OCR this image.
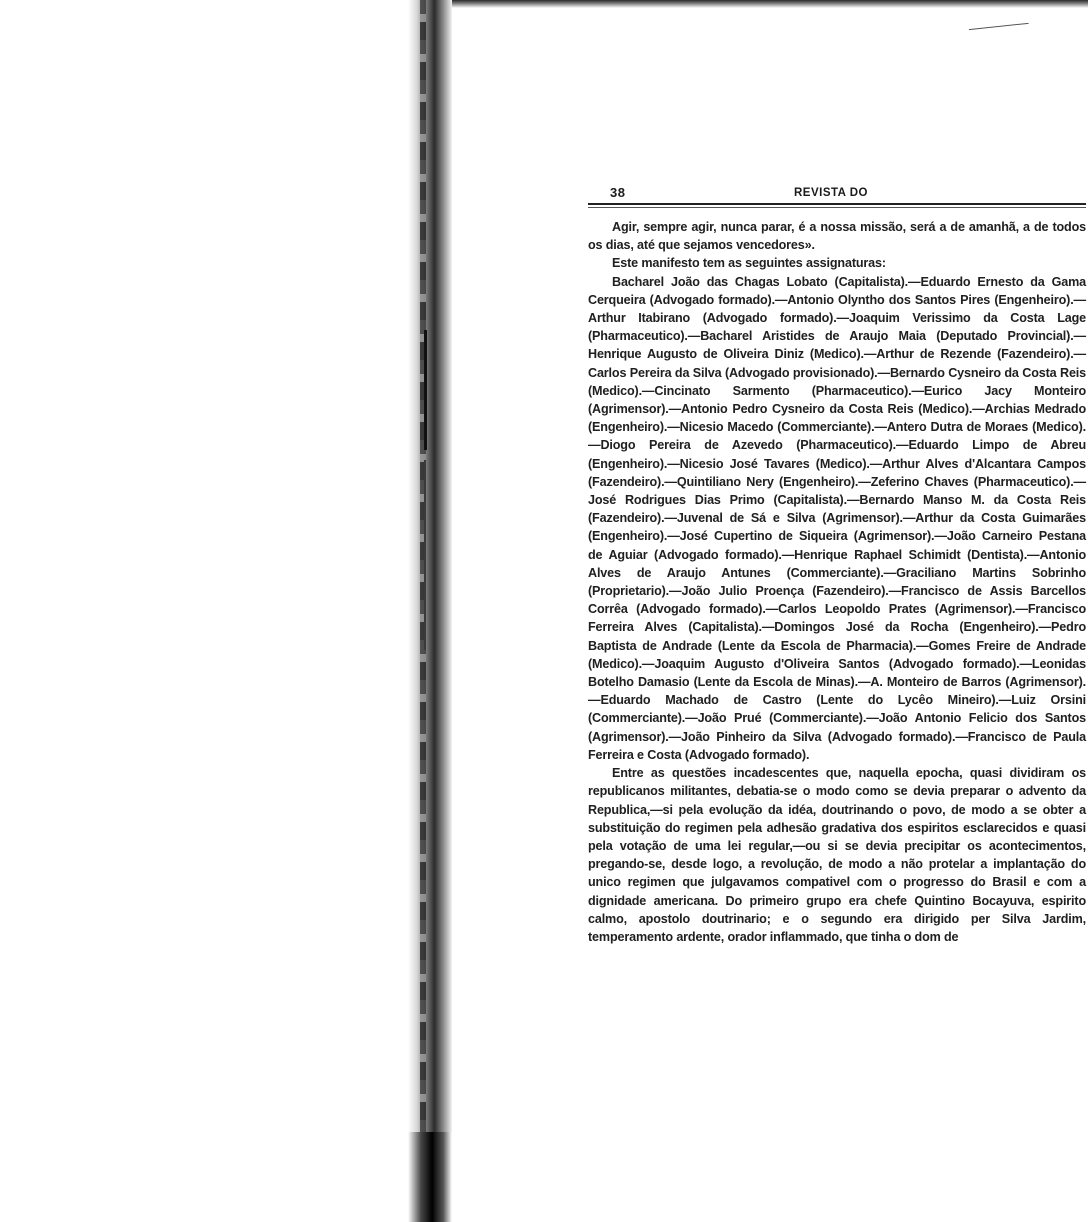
38	REVISTA DO

Agir, sempre agir, nunca parar, é a nossa missão, será a de amanhã, a de todos os dias, até que sejamos vencedores».

Este manifesto tem as seguintes assignaturas:

Bacharel João das Chagas Lobato (Capitalista).—Eduardo Ernesto da Gama Cerqueira (Advogado formado).—Antonio Olyntho dos Santos Pires (Engenheiro).—Arthur Itabirano (Advogado formado).—Joaquim Verissimo da Costa Lage (Pharmaceutico).—Bacharel Aristides de Araujo Maia (Deputado Provincial).—Henrique Augusto de Oliveira Diniz (Medico).—Arthur de Rezende (Fazendeiro).—Carlos Pereira da Silva (Advogado provisionado).—Bernardo Cysneiro da Costa Reis (Medico).—Cincinato Sarmento (Pharmaceutico).—Eurico Jacy Monteiro (Agrimensor).—Antonio Pedro Cysneiro da Costa Reis (Medico).—Archias Medrado (Engenheiro).—Nicesio Macedo (Commerciante).—Antero Dutra de Moraes (Medico).—Diogo Pereira de Azevedo (Pharmaceutico).—Eduardo Limpo de Abreu (Engenheiro).—Nicesio José Tavares (Medico).—Arthur Alves d'Alcantara Campos (Fazendeiro).—Quintiliano Nery (Engenheiro).—Zeferino Chaves (Pharmaceutico).—José Rodrigues Dias Primo (Capitalista).—Bernardo Manso M. da Costa Reis (Fazendeiro).—Juvenal de Sá e Silva (Agrimensor).—Arthur da Costa Guimarães (Engenheiro).—José Cupertino de Siqueira (Agrimensor).—João Carneiro Pestana de Aguiar (Advogado formado).—Henrique Raphael Schimidt (Dentista).—Antonio Alves de Araujo Antunes (Commerciante).—Graciliano Martins Sobrinho (Proprietario).—João Julio Proença (Fazendeiro).—Francisco de Assis Barcellos Corrêa (Advogado formado).—Carlos Leopoldo Prates (Agrimensor).—Francisco Ferreira Alves (Capitalista).—Domingos José da Rocha (Engenheiro).—Pedro Baptista de Andrade (Lente da Escola de Pharmacia).—Gomes Freire de Andrade (Medico).—Joaquim Augusto d'Oliveira Santos (Advogado formado).—Leonidas Botelho Damasio (Lente da Escola de Minas).—A. Monteiro de Barros (Agrimensor).—Eduardo Machado de Castro (Lente do Lycêo Mineiro).—Luiz Orsini (Commerciante).—João Prué (Commerciante).—João Antonio Felicio dos Santos (Agrimensor).—João Pinheiro da Silva (Advogado formado).—Francisco de Paula Ferreira e Costa (Advogado formado).

Entre as questões incadescentes que, naquella epocha, quasi dividiram os republicanos militantes, debatia-se o modo como se devia preparar o advento da Republica,—si pela evolução da idéa, doutrinando o povo, de modo a se obter a substituição do regimen pela adhesão gradativa dos espiritos esclarecidos e quasi pela votação de uma lei regular,—ou si se devia precipitar os acontecimentos, pregando-se, desde logo, a revolução, de modo a não protelar a implantação do unico regimen que julgavamos compativel com o progresso do Brasil e com a dignidade americana. Do primeiro grupo era chefe Quintino Bocayuva, espirito calmo, apostolo doutrinario; e o segundo era dirigido per Silva Jardim, temperamento ardente, orador inflammado, que tinha o dom de
